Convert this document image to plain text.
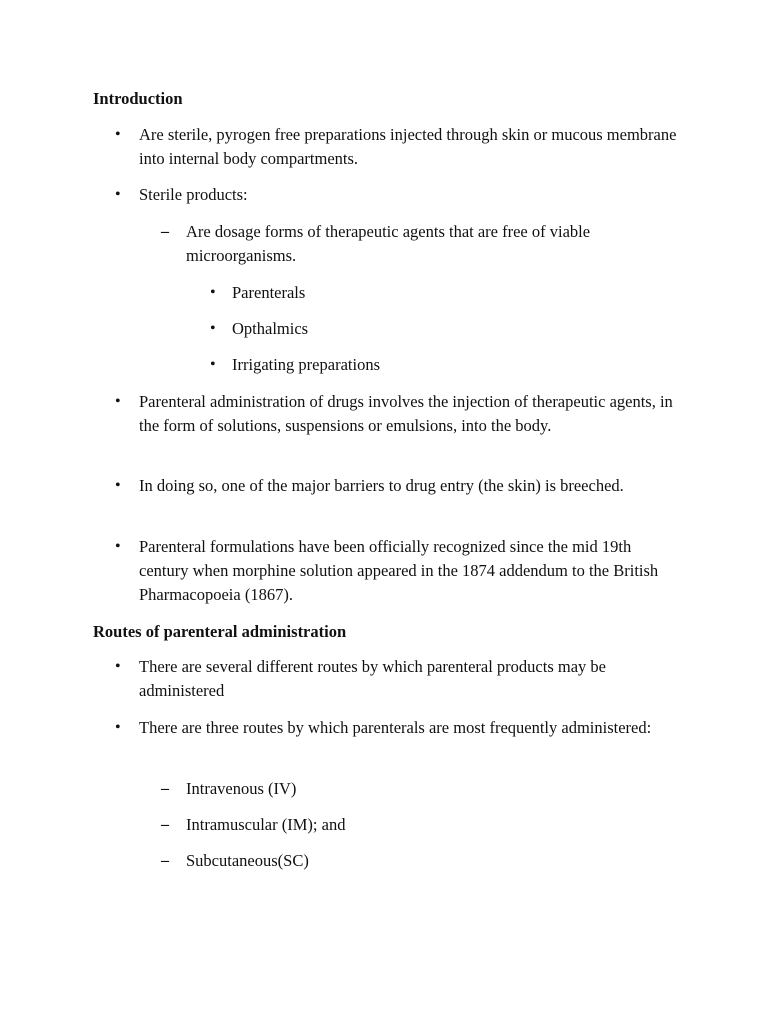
Introduction
• Are sterile, pyrogen free preparations injected through skin or mucous membrane into internal body compartments.
• Sterile products:
– Are dosage forms of therapeutic agents that are free of viable microorganisms.
• Parenterals
• Opthalmics
• Irrigating preparations
• Parenteral administration of drugs involves the injection of therapeutic agents, in the form of solutions, suspensions or emulsions, into the body.
• In doing so, one of the major barriers to drug entry (the skin) is breeched.
• Parenteral formulations have been officially recognized since the mid 19th century when morphine solution appeared in the 1874 addendum to the British Pharmacopoeia (1867).
Routes of parenteral administration
• There are several different routes by which parenteral products may be administered
• There are three routes by which parenterals are most frequently administered:
– Intravenous (IV)
– Intramuscular (IM); and
– Subcutaneous(SC)
